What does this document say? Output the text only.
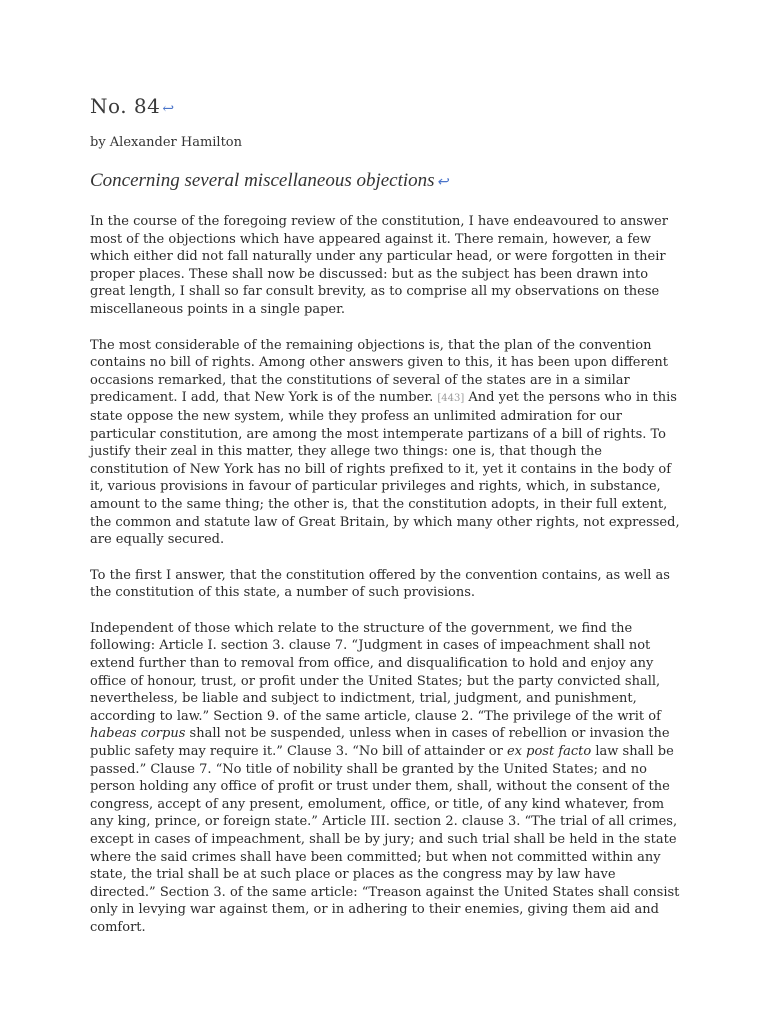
No. 84 ↩

by Alexander Hamilton

Concerning several miscellaneous objections ↩

In the course of the foregoing review of the constitution, I have endeavoured to answer most of the objections which have appeared against it. There remain, however, a few which either did not fall naturally under any particular head, or were forgotten in their proper places. These shall now be discussed: but as the subject has been drawn into great length, I shall so far consult brevity, as to comprise all my observations on these miscellaneous points in a single paper.

The most considerable of the remaining objections is, that the plan of the convention contains no bill of rights. Among other answers given to this, it has been upon different occasions remarked, that the constitutions of several of the states are in a similar predicament. I add, that New York is of the number. [443] And yet the persons who in this state oppose the new system, while they profess an unlimited admiration for our particular constitution, are among the most intemperate partizans of a bill of rights. To justify their zeal in this matter, they allege two things: one is, that though the constitution of New York has no bill of rights prefixed to it, yet it contains in the body of it, various provisions in favour of particular privileges and rights, which, in substance, amount to the same thing; the other is, that the constitution adopts, in their full extent, the common and statute law of Great Britain, by which many other rights, not expressed, are equally secured.

To the first I answer, that the constitution offered by the convention contains, as well as the constitution of this state, a number of such provisions.

Independent of those which relate to the structure of the government, we find the following: Article I. section 3. clause 7. “Judgment in cases of impeachment shall not extend further than to removal from office, and disqualification to hold and enjoy any office of honour, trust, or profit under the United States; but the party convicted shall, nevertheless, be liable and subject to indictment, trial, judgment, and punishment, according to law.” Section 9. of the same article, clause 2. “The privilege of the writ of habeas corpus shall not be suspended, unless when in cases of rebellion or invasion the public safety may require it.” Clause 3. “No bill of attainder or ex post facto law shall be passed.” Clause 7. “No title of nobility shall be granted by the United States; and no person holding any office of profit or trust under them, shall, without the consent of the congress, accept of any present, emolument, office, or title, of any kind whatever, from any king, prince, or foreign state.” Article III. section 2. clause 3. “The trial of all crimes, except in cases of impeachment, shall be by jury; and such trial shall be held in the state where the said crimes shall have been committed; but when not committed within any state, the trial shall be at such place or places as the congress may by law have directed.” Section 3. of the same article: “Treason against the United States shall consist only in levying war against them, or in adhering to their enemies, giving them aid and comfort.
